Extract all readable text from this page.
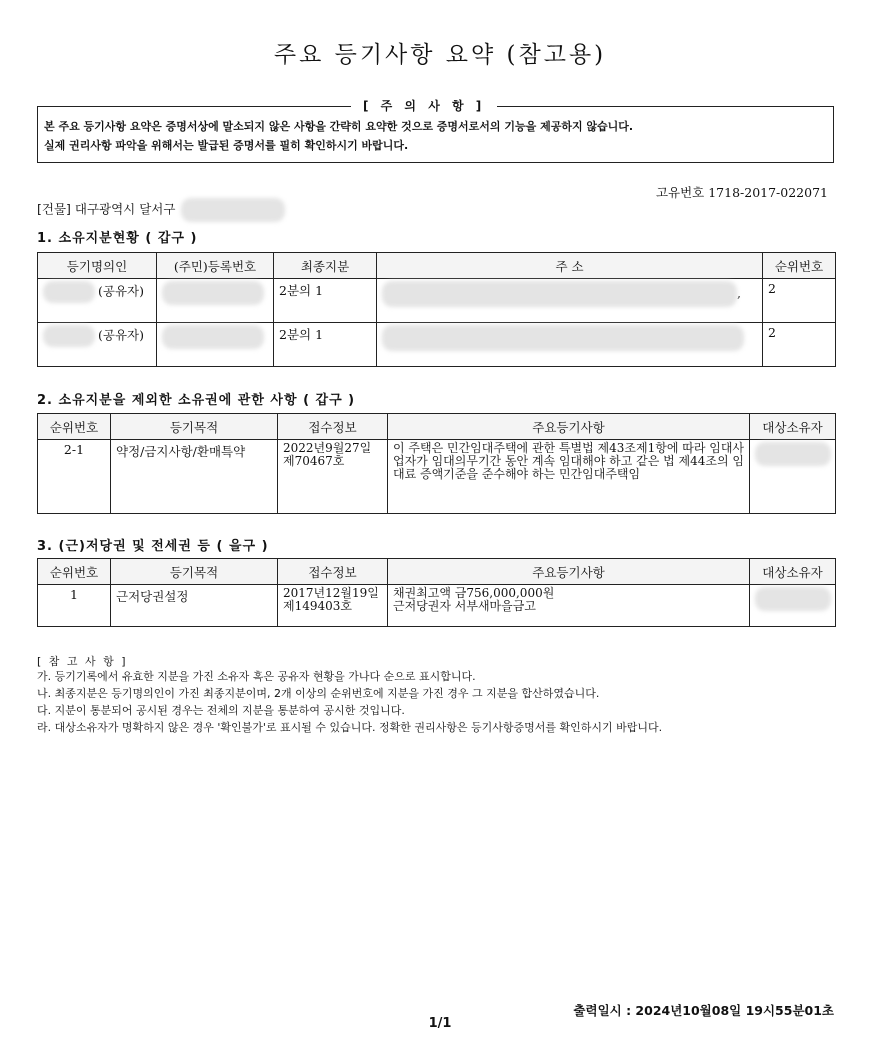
주요 등기사항 요약 (참고용)
[ 주 의 사 항 ]
본 주요 등기사항 요약은 증명서상에 말소되지 않은 사항을 간략히 요약한 것으로 증명서로서의 기능을 제공하지 않습니다.
실제 권리사항 파악을 위해서는 발급된 증명서를 필히 확인하시기 바랍니다.
고유번호 1718-2017-022071
[건물] 대구광역시 달서구
1. 소유지분현황 ( 갑구 )
등기명의인	(주민)등록번호	최종지분	주 소	순위번호
(공유자)		2분의 1	,	2
(공유자)		2분의 1		2
2. 소유지분을 제외한 소유권에 관한 사항 ( 갑구 )
순위번호	등기목적	접수정보	주요등기사항	대상소유자
2-1	약정/금지사항/환매특약	2022년9월27일 제70467호	이 주택은 민간임대주택에 관한 특별법 제43조제1항에 따라 임대사업자가 임대의무기간 동안 계속 임대해야 하고 같은 법 제44조의 임대료 증액기준을 준수해야 하는 민간임대주택임	
3. (근)저당권 및 전세권 등 ( 을구 )
순위번호	등기목적	접수정보	주요등기사항	대상소유자
1	근저당권설정	2017년12월19일 제149403호	채권최고액 금756,000,000원
근저당권자 서부새마을금고	

[ 참 고 사 항 ]
가. 등기기록에서 유효한 지분을 가진 소유자 혹은 공유자 현황을 가나다 순으로 표시합니다.
나. 최종지분은 등기명의인이 가진 최종지분이며, 2개 이상의 순위번호에 지분을 가진 경우 그 지분을 합산하였습니다.
다. 지분이 통분되어 공시된 경우는 전체의 지분을 통분하여 공시한 것입니다.
라. 대상소유자가 명확하지 않은 경우 '확인불가'로 표시될 수 있습니다. 정확한 권리사항은 등기사항증명서를 확인하시기 바랍니다.
출력일시 : 2024년10월08일 19시55분01초
1/1
